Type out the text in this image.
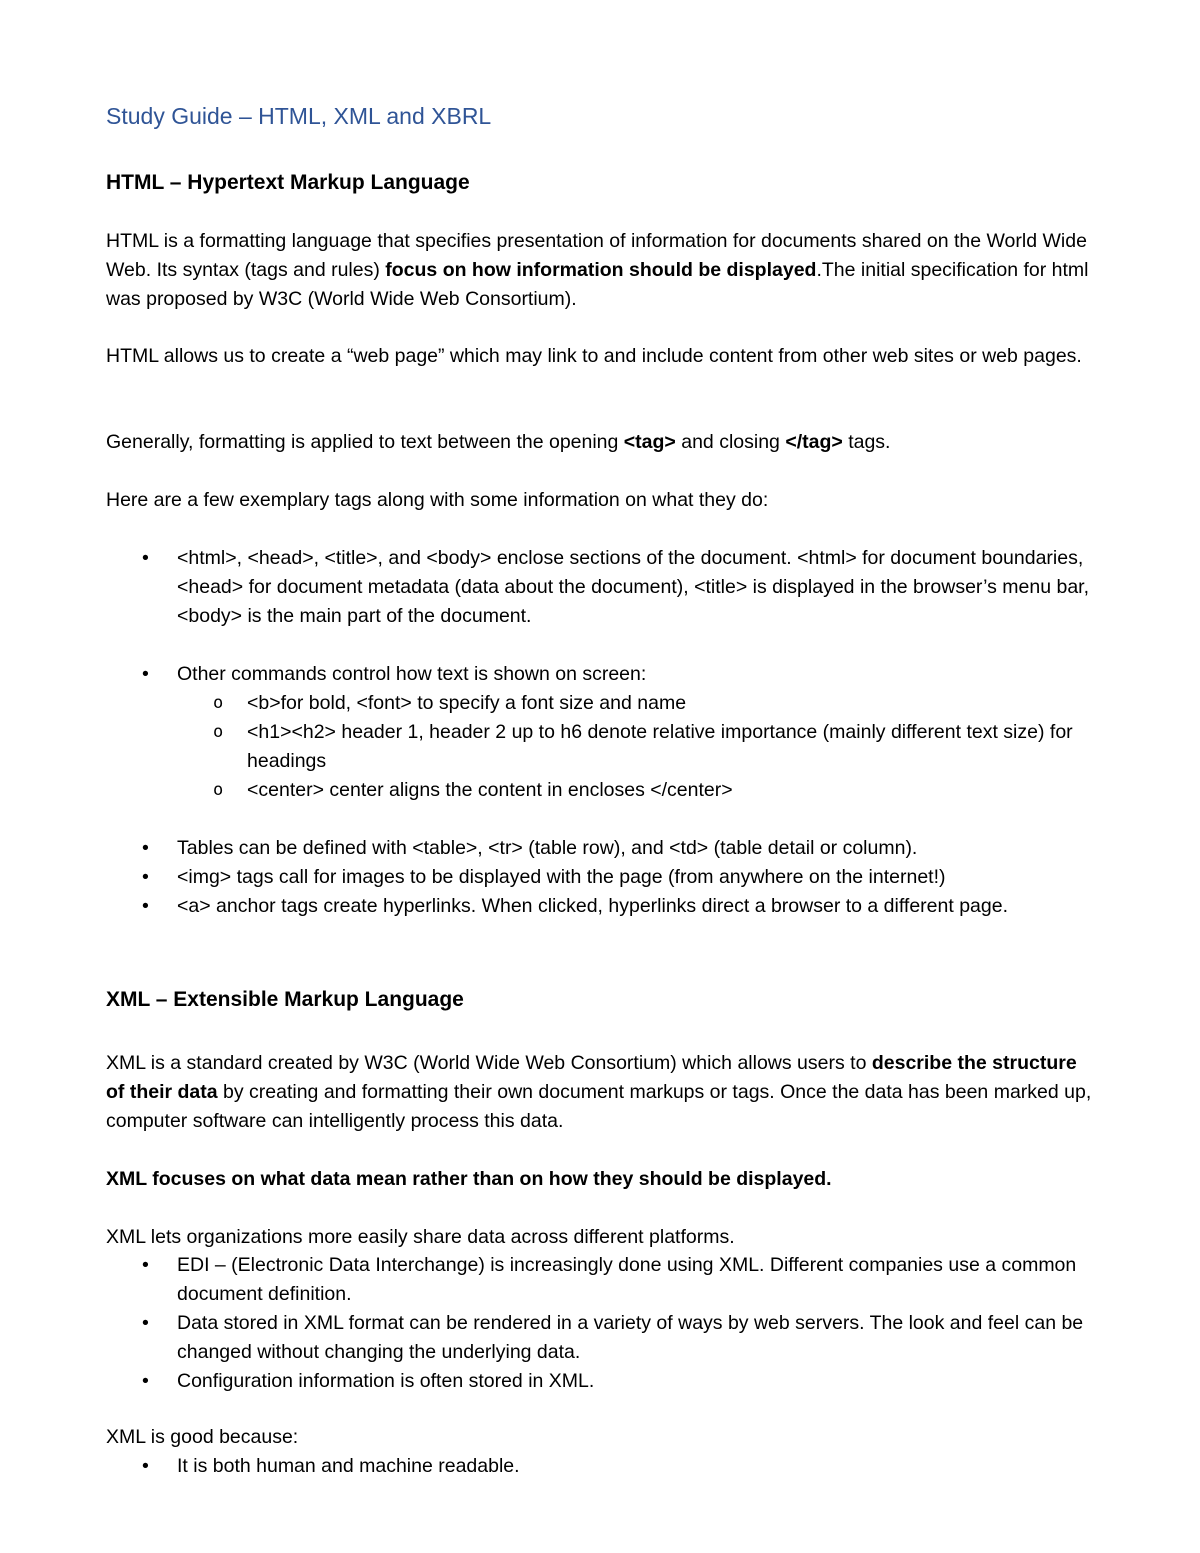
Study Guide – HTML, XML and XBRL
HTML – Hypertext Markup Language
HTML is a formatting language that specifies presentation of information for documents shared on the World Wide Web. Its syntax (tags and rules) focus on how information should be displayed.The initial specification for html was proposed by W3C (World Wide Web Consortium).
HTML allows us to create a “web page” which may link to and include content from other web sites or web pages.
Generally, formatting is applied to text between the opening <tag> and closing </tag> tags.
Here are a few exemplary tags along with some information on what they do:
• <html>, <head>, <title>, and <body> enclose sections of the document. <html> for document boundaries, <head> for document metadata (data about the document), <title> is displayed in the browser’s menu bar, <body> is the main part of the document.
• Other commands control how text is shown on screen:
o <b>for bold, <font> to specify a font size and name
o <h1><h2> header 1, header 2 up to h6 denote relative importance (mainly different text size) for headings
o <center> center aligns the content in encloses </center>
• Tables can be defined with <table>, <tr> (table row), and <td> (table detail or column).
• <img> tags call for images to be displayed with the page (from anywhere on the internet!)
• <a> anchor tags create hyperlinks. When clicked, hyperlinks direct a browser to a different page.
XML – Extensible Markup Language
XML is a standard created by W3C (World Wide Web Consortium) which allows users to describe the structure of their data by creating and formatting their own document markups or tags. Once the data has been marked up, computer software can intelligently process this data.
XML focuses on what data mean rather than on how they should be displayed.
XML lets organizations more easily share data across different platforms.
• EDI – (Electronic Data Interchange) is increasingly done using XML. Different companies use a common document definition.
• Data stored in XML format can be rendered in a variety of ways by web servers. The look and feel can be changed without changing the underlying data.
• Configuration information is often stored in XML.
XML is good because:
• It is both human and machine readable.
